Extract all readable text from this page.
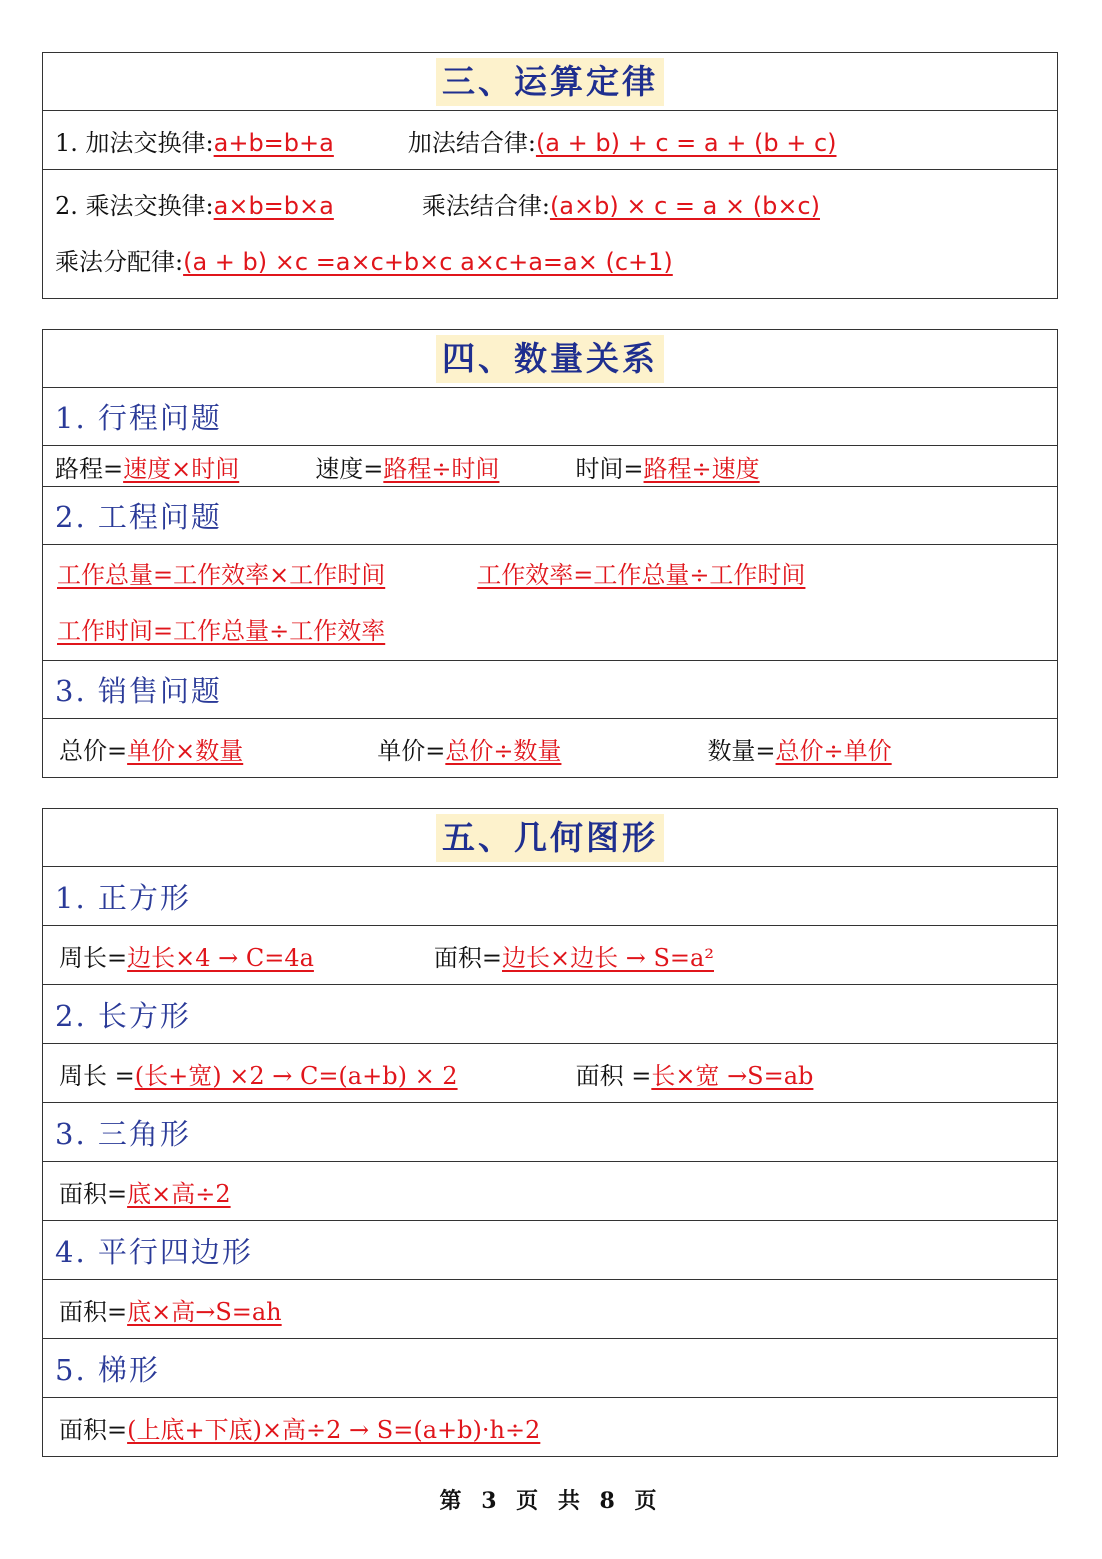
三、运算定律
1. 加法交换律:a+b=b+a	加法结合律:(a + b) + c = a + (b + c)
2. 乘法交换律:a×b=b×a	乘法结合律:(a×b) × c = a × (b×c)
乘法分配律:(a + b) ×c =a×c+b×c a×c+a=a× (c+1)
四、数量关系
1. 行程问题
路程=速度×时间	速度=路程÷时间	时间=路程÷速度
2. 工程问题
工作总量=工作效率×工作时间	工作效率=工作总量÷工作时间
工作时间=工作总量÷工作效率
3. 销售问题
总价=单价×数量	单价=总价÷数量	数量=总价÷单价
五、几何图形
1. 正方形
周长=边长×4 → C=4a	面积=边长×边长 → S=a²
2. 长方形
周长 =(长+宽) ×2 → C=(a+b) × 2	面积 =长×宽 →S=ab
3. 三角形
面积=底×高÷2
4. 平行四边形
面积=底×高→S=ah
5. 梯形
面积=(上底+下底)×高÷2 → S=(a+b)·h÷2
第 3 页 共 8 页
